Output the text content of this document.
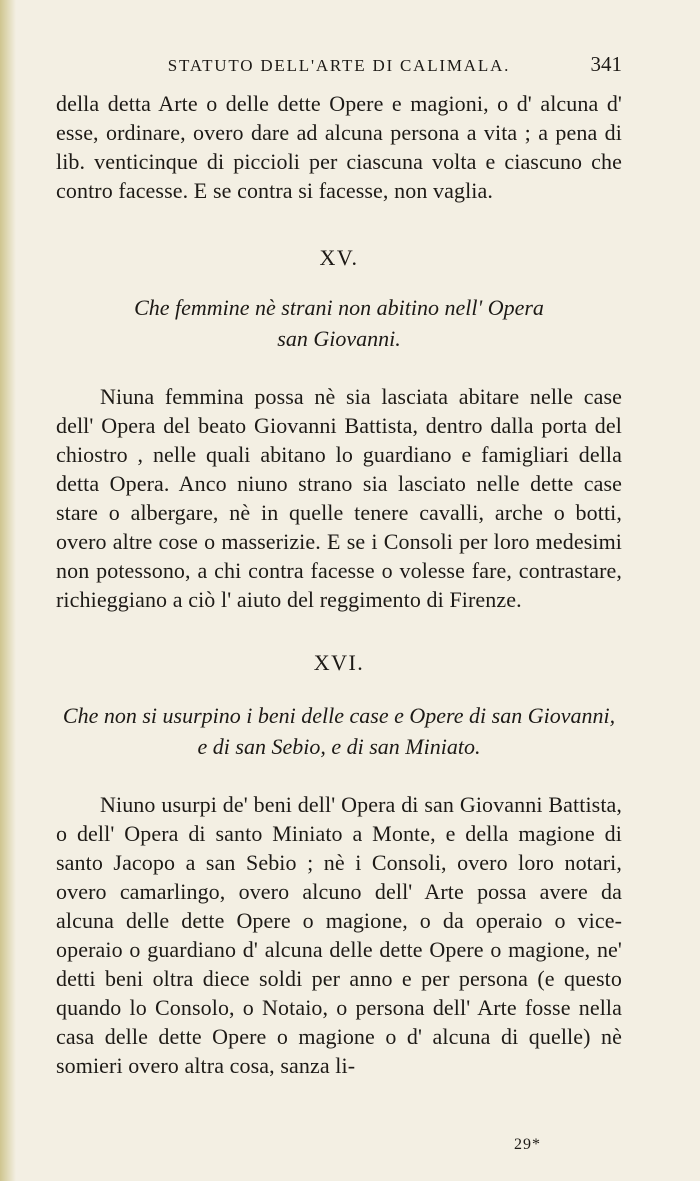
STATUTO DELL'ARTE DI CALIMALA.	341

della detta Arte o delle dette Opere e magioni, o d' alcuna d' esse, ordinare, overo dare ad alcuna persona a vita ; a pena di lib. venticinque di piccioli per ciascuna volta e ciascuno che contro facesse. E se contra si facesse, non vaglia.

XV.
Che femmine nè strani non abitino nell' Opera
san Giovanni.

Niuna femmina possa nè sia lasciata abitare nelle case dell' Opera del beato Giovanni Battista, dentro dalla porta del chiostro , nelle quali abitano lo guardiano e famigliari della detta Opera. Anco niuno strano sia lasciato nelle dette case stare o albergare, nè in quelle tenere cavalli, arche o botti, overo altre cose o masserizie. E se i Consoli per loro medesimi non potessono, a chi contra facesse o volesse fare, contrastare, richieggiano a ciò l' aiuto del reggimento di Firenze.

XVI.
Che non si usurpino i beni delle case e Opere di san Giovanni,
e di san Sebio, e di san Miniato.

Niuno usurpi de' beni dell' Opera di san Giovanni Battista, o dell' Opera di santo Miniato a Monte, e della magione di santo Jacopo a san Sebio ; nè i Consoli, overo loro notari, overo camarlingo, overo alcuno dell' Arte possa avere da alcuna delle dette Opere o magione, o da operaio o vice-operaio o guardiano d' alcuna delle dette Opere o magione, ne' detti beni oltra diece soldi per anno e per persona (e questo quando lo Consolo, o Notaio, o persona dell' Arte fosse nella casa delle dette Opere o magione o d' alcuna di quelle) nè somieri overo altra cosa, sanza li-

29*
